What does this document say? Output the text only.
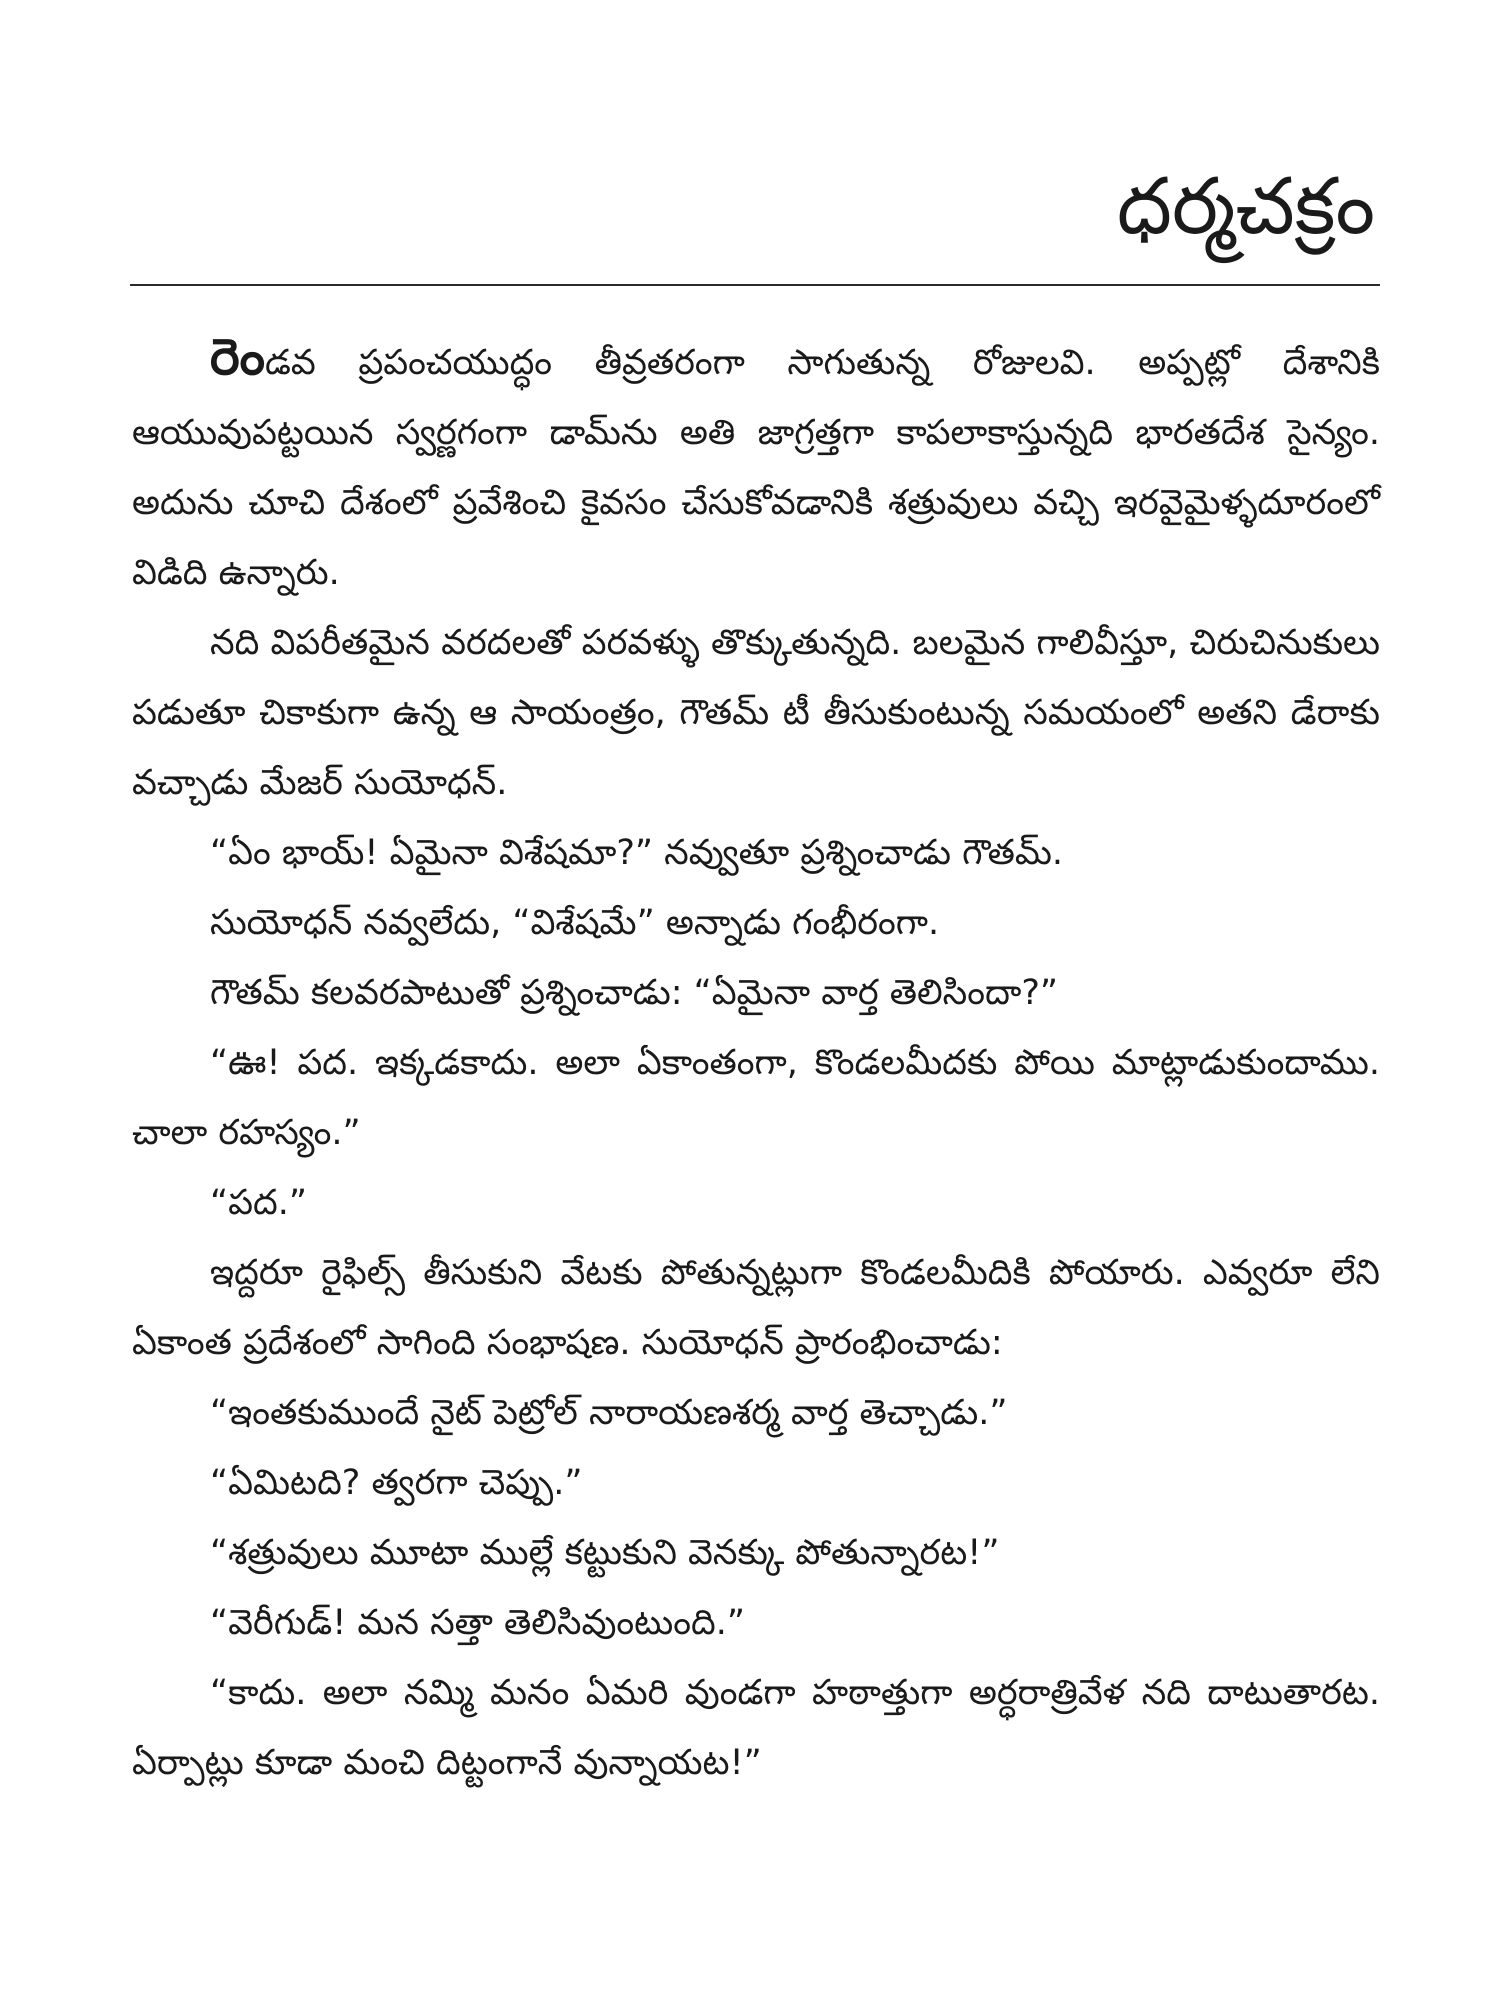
ధర్మచక్రం

రెండవ ప్రపంచయుద్ధం తీవ్రతరంగా సాగుతున్న రోజులవి. అప్పట్లో దేశానికి ఆయువుపట్టయిన స్వర్ణగంగా డామ్‌ను అతి జాగ్రత్తగా కాపలాకాస్తున్నది భారతదేశ సైన్యం. అదును చూచి దేశంలో ప్రవేశించి కైవసం చేసుకోవడానికి శత్రువులు వచ్చి ఇరవైమైళ్ళదూరంలో విడిది ఉన్నారు.

నది విపరీతమైన వరదలతో పరవళ్ళు తొక్కుతున్నది. బలమైన గాలివీస్తూ, చిరుచినుకులు పడుతూ చికాకుగా ఉన్న ఆ సాయంత్రం, గౌతమ్ టీ తీసుకుంటున్న సమయంలో అతని డేరాకు వచ్చాడు మేజర్ సుయోధన్.

“ఏం భాయ్! ఏమైనా విశేషమా?” నవ్వుతూ ప్రశ్నించాడు గౌతమ్.

సుయోధన్ నవ్వలేదు, “విశేషమే” అన్నాడు గంభీరంగా.

గౌతమ్ కలవరపాటుతో ప్రశ్నించాడు: “ఏమైనా వార్త తెలిసిందా?”

“ఊ! పద. ఇక్కడకాదు. అలా ఏకాంతంగా, కొండలమీదకు పోయి మాట్లాడుకుందాము. చాలా రహస్యం.”

“పద.”

ఇద్దరూ రైఫిల్స్ తీసుకుని వేటకు పోతున్నట్లుగా కొండలమీదికి పోయారు. ఎవ్వరూ లేని ఏకాంత ప్రదేశంలో సాగింది సంభాషణ. సుయోధన్ ప్రారంభించాడు:

“ఇంతకుముందే నైట్ పెట్రోల్ నారాయణశర్మ వార్త తెచ్చాడు.”

“ఏమిటది? త్వరగా చెప్పు.”

“శత్రువులు మూటా ముల్లే కట్టుకుని వెనక్కు పోతున్నారట!”

“వెరీగుడ్! మన సత్తా తెలిసివుంటుంది.”

“కాదు. అలా నమ్మి మనం ఏమరి వుండగా హఠాత్తుగా అర్ధరాత్రివేళ నది దాటుతారట. ఏర్పాట్లు కూడా మంచి దిట్టంగానే వున్నాయట!”
